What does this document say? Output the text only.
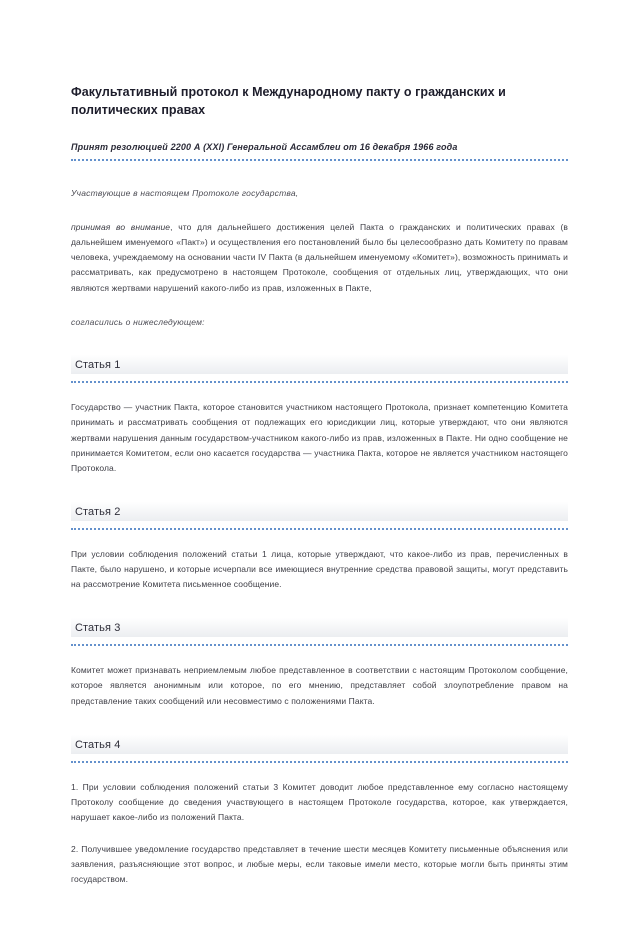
Факультативный протокол к Международному пакту о гражданских и политических правах

Принят резолюцией 2200 А (XXI) Генеральной Ассамблеи от 16 декабря 1966 года

Участвующие в настоящем Протоколе государства,

принимая во внимание, что для дальнейшего достижения целей Пакта о гражданских и политических правах (в дальнейшем именуемого «Пакт») и осуществления его постановлений было бы целесообразно дать Комитету по правам человека, учреждаемому на основании части IV Пакта (в дальнейшем именуемому «Комитет»), возможность принимать и рассматривать, как предусмотрено в настоящем Протоколе, сообщения от отдельных лиц, утверждающих, что они являются жертвами нарушений какого-либо из прав, изложенных в Пакте,

согласились о нижеследующем:

Статья 1

Государство — участник Пакта, которое становится участником настоящего Протокола, признает компетенцию Комитета принимать и рассматривать сообщения от подлежащих его юрисдикции лиц, которые утверждают, что они являются жертвами нарушения данным государством-участником какого-либо из прав, изложенных в Пакте. Ни одно сообщение не принимается Комитетом, если оно касается государства — участника Пакта, которое не является участником настоящего Протокола.

Статья 2

При условии соблюдения положений статьи 1 лица, которые утверждают, что какое-либо из прав, перечисленных в Пакте, было нарушено, и которые исчерпали все имеющиеся внутренние средства правовой защиты, могут представить на рассмотрение Комитета письменное сообщение.

Статья 3

Комитет может признавать неприемлемым любое представленное в соответствии с настоящим Протоколом сообщение, которое является анонимным или которое, по его мнению, представляет собой злоупотребление правом на представление таких сообщений или несовместимо с положениями Пакта.

Статья 4

1. При условии соблюдения положений статьи 3 Комитет доводит любое представленное ему согласно настоящему Протоколу сообщение до сведения участвующего в настоящем Протоколе государства, которое, как утверждается, нарушает какое-либо из положений Пакта.

2. Получившее уведомление государство представляет в течение шести месяцев Комитету письменные объяснения или заявления, разъясняющие этот вопрос, и любые меры, если таковые имели место, которые могли быть приняты этим государством.
